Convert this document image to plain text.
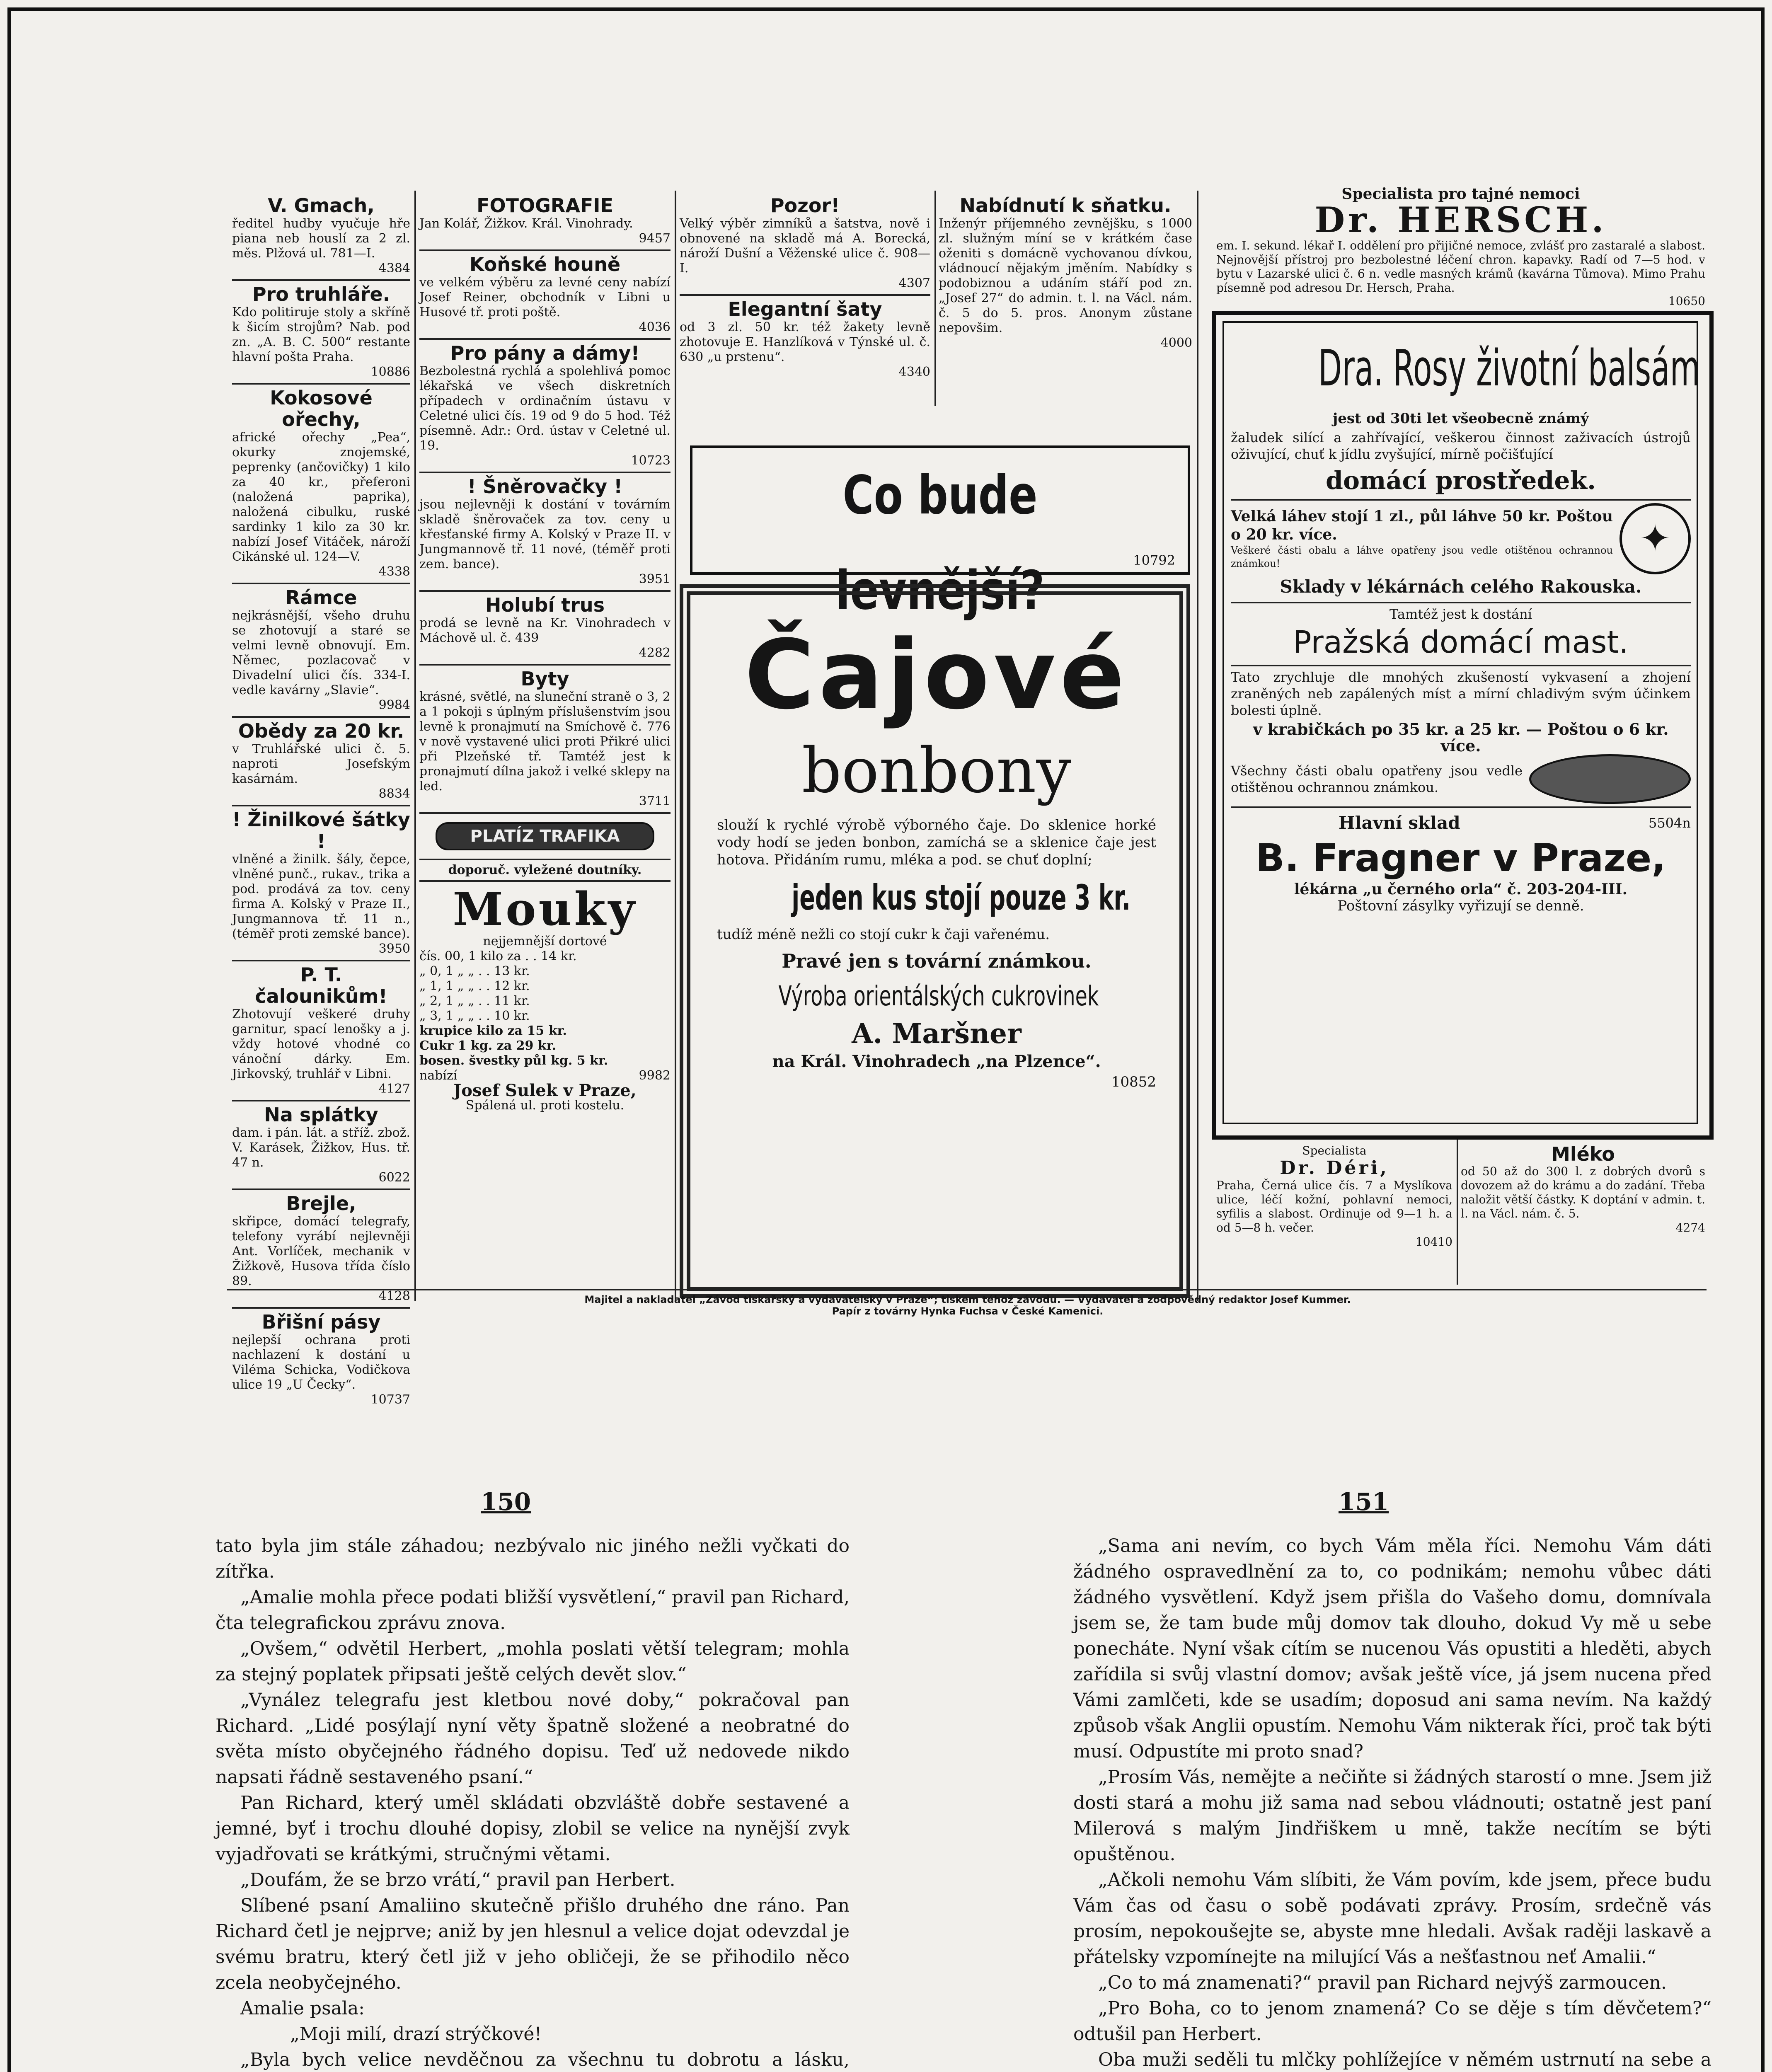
V. Gmach,

ředitel hudby vyučuje hře piana neb houslí za 2 zl. měs. Plžová ul. 781—I.

4384
Pro truhláře.

Kdo politiruje stoly a skříně k šicím strojům? Nab. pod zn. „A. B. C. 500“ restante hlavní pošta Praha.

10886
Kokosové ořechy,

africké ořechy „Pea“, okurky znojemské, peprenky (ančovičky) 1 kilo za 40 kr., přeferoni (naložená paprika), naložená cibulku, ruské sardinky 1 kilo za 30 kr. nabízí Josef Vitáček, nároží Cikánské ul. 124—V.

4338
Rámce

nejkrásnější, všeho druhu se zhotovují a staré se velmi levně obnovují. Em. Němec, pozlacovač v Divadelní ulici čís. 334-I. vedle kavárny „Slavie“.

9984
Obědy za 20 kr.

v Truhlářské ulici č. 5. naproti Josefským kasárnám.

8834
! Žinilkové šátky !

vlněné a žinilk. šály, čepce, vlněné punč., rukav., trika a pod. prodává za tov. ceny firma A. Kolský v Praze II., Jungmannova tř. 11 n., (téměř proti zemské bance).

3950
P. T. čalounikům!

Zhotovují veškeré druhy garnitur, spací lenošky a j. vždy hotové vhodné co vánoční dárky. Em. Jirkovský, truhlář v Libni.

4127
Na splátky

dam. i pán. lát. a stříž. zbož. V. Karásek, Žižkov, Hus. tř. 47 n.

6022
Brejle,

skřipce, domácí telegrafy, telefony vyrábí nejlevněji Ant. Vorlíček, mechanik v Žižkově, Husova třída číslo 89.

4128
Břišní pásy

nejlepší ochrana proti nachlazení k dostání u Viléma Schicka, Vodičkova ulice 19 „U Čecky“.

10737
FOTOGRAFIE

Jan Kolář, Žižkov. Král. Vinohrady.

9457
Koňské houně

ve velkém výběru za levné ceny nabízí Josef Reiner, obchodník v Libni u Husové tř. proti poště.

4036
Pro pány a dámy!

Bezbolestná rychlá a spolehlivá pomoc lékařská ve všech diskretních případech v ordinačním ústavu v Celetné ulici čís. 19 od 9 do 5 hod. Též písemně. Adr.: Ord. ústav v Celetné ul. 19.

10723
! Šněrovačky !

jsou nejlevněji k dostání v továrním skladě šněrovaček za tov. ceny u křesťanské firmy A. Kolský v Praze II. v Jungmannově tř. 11 nové, (téměř proti zem. bance).

3951
Holubí trus

prodá se levně na Kr. Vinohradech v Máchově ul. č. 439

4282
Byty

krásné, světlé, na sluneční straně o 3, 2 a 1 pokoji s úplným příslušenstvím jsou levně k pronajmutí na Smíchově č. 776 v nově vystavené ulici proti Přikré ulici při Plzeňské tř. Tamtéž jest k pronajmutí dílna jakož i velké sklepy na led.

3711
PLATÍZ TRAFIKA

doporuč. vyležené doutníky.

Mouky

nejjemnější dortové

čís. 00, 1 kilo za . . 14 kr.

„ 0, 1 „ „ . . 13 kr.

„ 1, 1 „ „ . . 12 kr.

„ 2, 1 „ „ . . 11 kr.

„ 3, 1 „ „ . . 10 kr.

krupice kilo za 15 kr.

Cukr 1 kg. za 29 kr.

bosen. švestky půl kg. 5 kr.

nabízí	9982

Josef Sulek v Praze,

Spálená ul. proti kostelu.

Pozor!

Velký výběr zimníků a šatstva, nově i obnovené na skladě má A. Borecká, nároží Dušní a Věženské ulice č. 908—I.

4307
Elegantní šaty

od 3 zl. 50 kr. též žakety levně zhotovuje E. Hanzlíková v Týnské ul. č. 630 „u prstenu“.

4340
Nabídnutí k sňatku.

Inženýr příjemného zevnějšku, s 1000 zl. služným míní se v krátkém čase oženiti s domácně vychovanou dívkou, vládnoucí nějakým jměním. Nabídky s podobiznou a udáním stáří pod zn. „Josef 27“ do admin. t. l. na Václ. nám. č. 5 do 5. pros. Anonym zůstane nepovšim.

4000
Co bude levnější?	10792
Čajové
bonbony

slouží k rychlé výrobě výborného čaje. Do sklenice horké vody hodí se jeden bonbon, zamíchá se a sklenice čaje jest hotova. Přidáním rumu, mléka a pod. se chuť doplní;

jeden kus stojí pouze 3 kr.

tudíž méně nežli co stojí cukr k čaji vařenému.

Pravé jen s tovární známkou.
Výroba orientálských cukrovinek
A. Maršner
na Král. Vinohradech „na Plzence“.
10852
Specialista pro tajné nemoci
Dr. HERSCH.

em. I. sekund. lékař I. oddělení pro přijičné nemoce, zvlášť pro zastaralé a slabost. Nejnovější přístroj pro bezbolestné léčení chron. kapavky. Radí od 7—5 hod. v bytu v Lazarské ulici č. 6 n. vedle masných krámů (kavárna Tůmova). Mimo Prahu písemně pod adresou Dr. Hersch, Praha.

10650
Dra. Rosy životní balsám
jest od 30ti let všeobecně známý

žaludek silící a zahřívající, veškerou činnost zaživacích ústrojů oživující, chuť k jídlu zvyšující, mírně počišťující

domácí prostředek.

Velká láhev stojí 1 zl., půl láhve 50 kr. Poštou o 20 kr. více.

Veškeré části obalu a láhve opatřeny jsou vedle otištěnou ochrannou známkou!

✦
Sklady v lékárnách celého Rakouska.
Tamtéž jest k dostání
Pražská domácí mast.

Tato zrychluje dle mnohých zkušeností vykvasení a zhojení zraněných neb zapálených míst a mírní chladivým svým účinkem bolesti úplně.

v krabičkách po 35 kr. a 25 kr. — Poštou o 6 kr. více.

Všechny části obalu opatřeny jsou vedle otištěnou ochrannou známkou.

Hlavní sklad	5504n
B. Fragner v Praze,
lékárna „u černého orla“ č. 203-204-III.
Poštovní zásylky vyřizují se denně.
Specialista
Dr. Déri,

Praha, Černá ulice čís. 7 a Myslíkova ulice, léčí kožní, pohlavní nemoci, syfilis a slabost. Ordinuje od 9—1 h. a od 5—8 h. večer.

10410
Mléko

od 50 až do 300 l. z dobrých dvorů s dovozem až do krámu a do zadání. Třeba naložit větší částky. K doptání v admin. t. l. na Václ. nám. č. 5.

4274
Majitel a nakladatel „Závod tiskařský a vydavatelský v Praze“; tiskem téhož závodu. — Vydavatel a zodpovědný redaktor Josef Kummer.
Papír z továrny Hynka Fuchsa v České Kamenici.
150	151

tato byla jim stále záhadou; nezbývalo nic jiného nežli vyčkati do zítřka.

„Amalie mohla přece podati bližší vysvětlení,“ pravil pan Richard, čta telegrafickou zprávu znova.

„Ovšem,“ odvětil Herbert, „mohla poslati větší telegram; mohla za stejný poplatek připsati ještě celých devět slov.“

„Vynález telegrafu jest kletbou nové doby,“ pokračoval pan Richard. „Lidé posýlají nyní věty špatně složené a neobratné do světa místo obyčejného řádného dopisu. Teď už nedovede nikdo napsati řádně sestaveného psaní.“

Pan Richard, který uměl skládati obzvláště dobře sestavené a jemné, byť i trochu dlouhé dopisy, zlobil se velice na nynější zvyk vyjadřovati se krátkými, stručnými větami.

„Doufám, že se brzo vrátí,“ pravil pan Herbert.

Slíbené psaní Amaliino skutečně přišlo druhého dne ráno. Pan Richard četl je nejprve; aniž by jen hlesnul a velice dojat odevzdal je svému bratru, který četl již v jeho obličeji, že se přihodilo něco zcela neobyčejného.

Amalie psala:

„Moji milí, drazí strýčkové!

„Byla bych velice nevděčnou za všechnu tu dobrotu a lásku,

„Sama ani nevím, co bych Vám měla říci. Nemohu Vám dáti žádného ospravedlnění za to, co podnikám; nemohu vůbec dáti žádného vysvětlení. Když jsem přišla do Vašeho domu, domnívala jsem se, že tam bude můj domov tak dlouho, dokud Vy mě u sebe ponecháte. Nyní však cítím se nucenou Vás opustiti a hleděti, abych zařídila si svůj vlastní domov; avšak ještě více, já jsem nucena před Vámi zamlčeti, kde se usadím; doposud ani sama nevím. Na každý způsob však Anglii opustím. Nemohu Vám nikterak říci, proč tak býti musí. Odpustíte mi proto snad?

„Prosím Vás, nemějte a nečiňte si žádných starostí o mne. Jsem již dosti stará a mohu již sama nad sebou vládnouti; ostatně jest paní Milerová s malým Jindřiškem u mně, takže necítím se býti opuštěnou.

„Ačkoli nemohu Vám slíbiti, že Vám povím, kde jsem, přece budu Vám čas od času o sobě podávati zprávy. Prosím, srdečně vás prosím, nepokoušejte se, abyste mne hledali. Avšak raději laskavě a přátelsky vzpomínejte na milující Vás a nešťastnou neť Amalii.“

„Co to má znamenati?“ pravil pan Richard nejvýš zarmoucen.

„Pro Boha, co to jenom znamená? Co se děje s tím děvčetem?“ odtušil pan Herbert.

Oba muži seděli tu mlčky pohlížejíce v němém ustrnutí na sebe a
